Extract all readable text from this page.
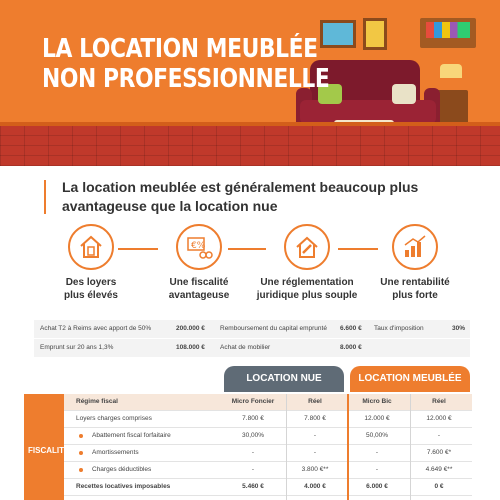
LA LOCATION MEUBLÉE
NON PROFESSIONNELLE

La location meublée est généralement beaucoup plus avantageuse que la location nue

Des loyers
plus élevés
€%
Une fiscalité
avantageuse
Une réglementation
juridique plus souple
Une rentabilité
plus forte
Achat T2 à Reims avec apport de 50%	200.000 € Remboursement du capital emprunté 6.600 € Taux d'imposition	30%
Emprunt sur 20 ans 1,3%	108.000 € Achat de mobilier	8.000 €
LOCATION NUE	LOCATION MEUBLÉE
FISCALITÉ
Régime fiscal	Micro Foncier	Réel	Micro Bic	Réel
Loyers charges comprises	7.800 €	7.800 €	12.000 €	12.000 €
Abattement fiscal forfaitaire	30,00%	-	50,00%	-
Amortissements	-	-	-	7.600 €*
Charges déductibles	-	3.800 €**	-	4.649 €**
Recettes locatives imposables	5.460 €	4.000 €	6.000 €	0 €
